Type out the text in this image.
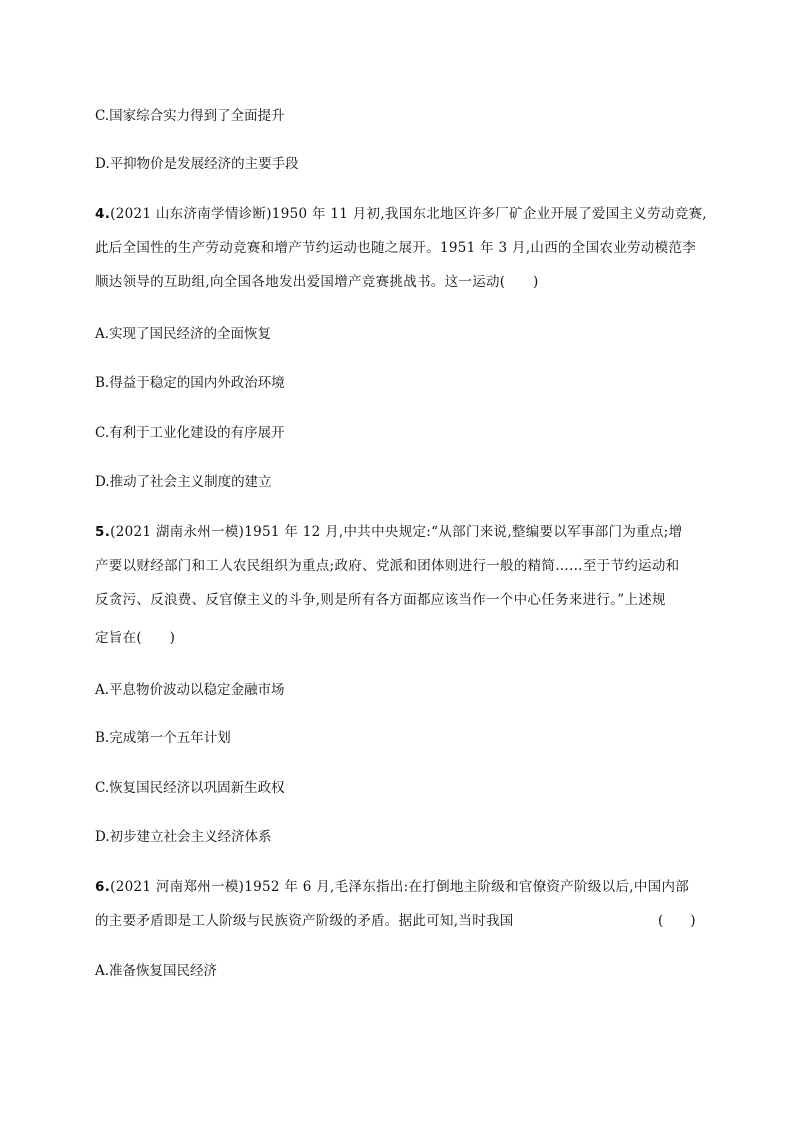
C.国家综合实力得到了全面提升
D.平抑物价是发展经济的主要手段
4.(2021 山东济南学情诊断)1950 年 11 月初,我国东北地区许多厂矿企业开展了爱国主义劳动竞赛,
此后全国性的生产劳动竞赛和增产节约运动也随之展开。1951 年 3 月,山西的全国农业劳动模范李
顺达领导的互助组,向全国各地发出爱国增产竞赛挑战书。这一运动(　　)
A.实现了国民经济的全面恢复
B.得益于稳定的国内外政治环境
C.有利于工业化建设的有序展开
D.推动了社会主义制度的建立
5.(2021 湖南永州一模)1951 年 12 月,中共中央规定:“从部门来说,整编要以军事部门为重点;增
产要以财经部门和工人农民组织为重点;政府、党派和团体则进行一般的精简……至于节约运动和
反贪污、反浪费、反官僚主义的斗争,则是所有各方面都应该当作一个中心任务来进行。”上述规
定旨在(　　)
A.平息物价波动以稳定金融市场
B.完成第一个五年计划
C.恢复国民经济以巩固新生政权
D.初步建立社会主义经济体系
6.(2021 河南郑州一模)1952 年 6 月,毛泽东指出:在打倒地主阶级和官僚资产阶级以后,中国内部
的主要矛盾即是工人阶级与民族资产阶级的矛盾。据此可知,当时我国	(　　)
A.准备恢复国民经济
